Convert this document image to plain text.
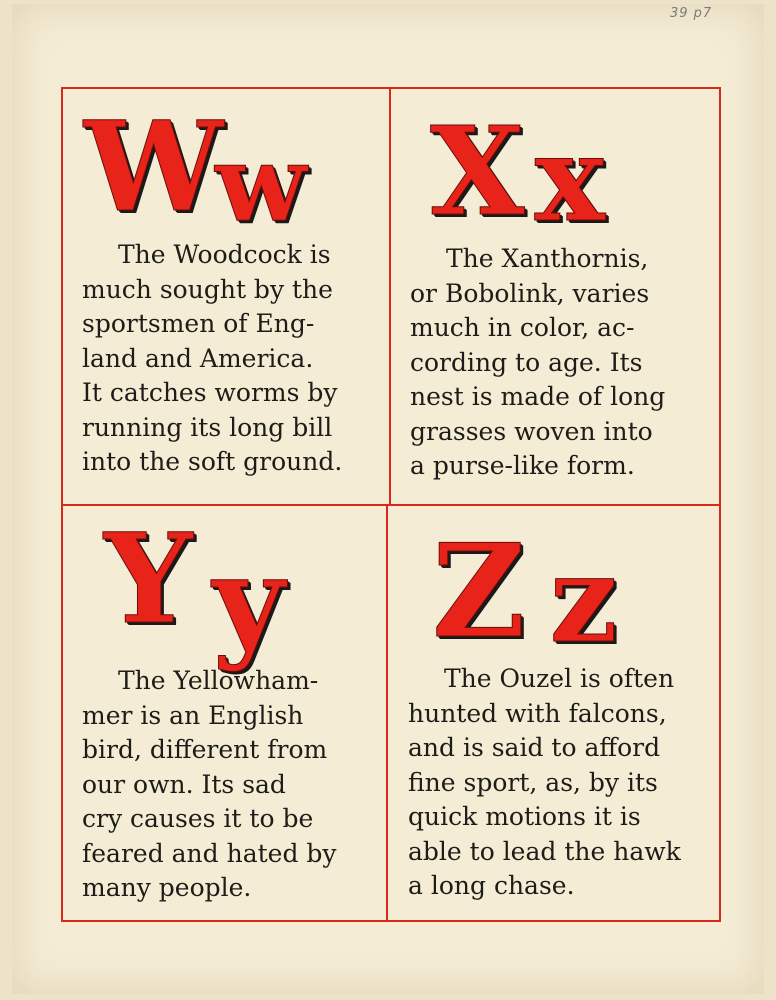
39 p7
W
w
The Woodcock is
much sought by the
sportsmen of Eng-
land and America.
It catches worms by
running its long bill
into the soft ground.
X x
The Xanthornis,
or Bobolink, varies
much in color, ac-
cording to age. Its
nest is made of long
grasses woven into
a purse-like form.
Y y
The Yellowham-
mer is an English
bird, different from
our own. Its sad
cry causes it to be
feared and hated by
many people.
Z z
The Ouzel is often
hunted with falcons,
and is said to afford
fine sport, as, by its
quick motions it is
able to lead the hawk
a long chase.
